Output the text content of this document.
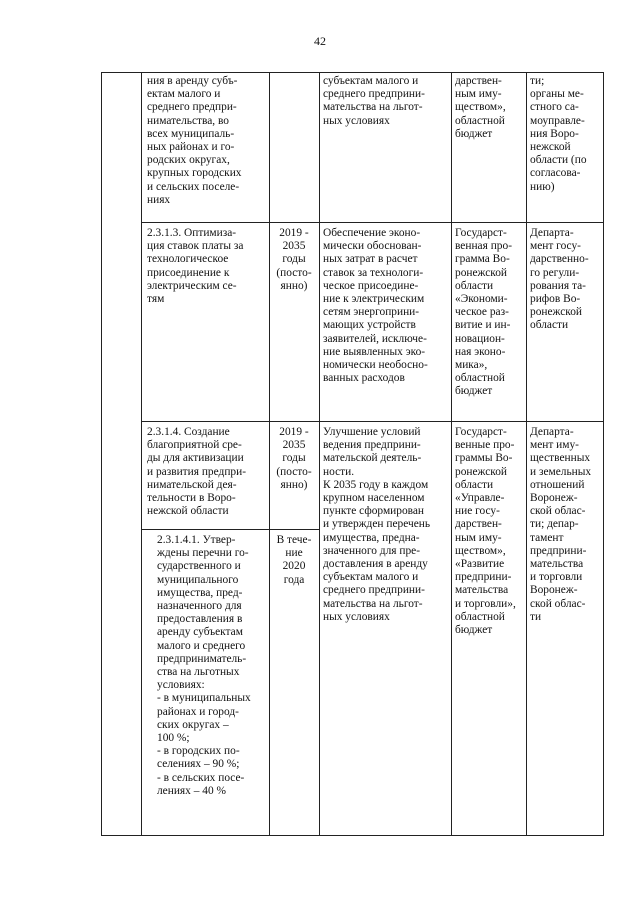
42
ния в аренду субъ-
ектам малого и
среднего предпри-
нимательства, во
всех муниципаль-
ных районах и го-
родских округах,
крупных городских
и сельских поселе-
ниях
субъектам малого и
среднего предприни-
мательства на льгот-
ных условиях
дарствен-
ным иму-
ществом»,
областной
бюджет
ти;
органы ме-
стного са-
моуправле-
ния Воро-
нежской
области (по
согласова-
нию)
2.3.1.3. Оптимиза-
ция ставок платы за
технологическое
присоединение к
электрическим се-
тям
2019 -
2035
годы
(посто-
янно)
Обеспечение эконо-
мически обоснован-
ных затрат в расчет
ставок за технологи-
ческое присоедине-
ние к электрическим
сетям энергоприни-
мающих устройств
заявителей, исключе-
ние выявленных эко-
номически необосно-
ванных расходов
Государст-
венная про-
грамма Во-
ронежской
области
«Экономи-
ческое раз-
витие и ин-
новацион-
ная эконо-
мика»,
областной
бюджет
Департа-
мент госу-
дарственно-
го регули-
рования та-
рифов Во-
ронежской
области
2.3.1.4. Создание
благоприятной сре-
ды для активизации
и развития предпри-
нимательской дея-
тельности в Воро-
нежской области
2019 -
2035
годы
(посто-
янно)
Улучшение условий
ведения предприни-
мательской деятель-
ности.
К 2035 году в каждом
крупном населенном
пункте сформирован
и утвержден перечень
имущества, предна-
значенного для пре-
доставления в аренду
субъектам малого и
среднего предприни-
мательства на льгот-
ных условиях
Государст-
венные про-
граммы Во-
ронежской
области
«Управле-
ние госу-
дарствен-
ным иму-
ществом»,
«Развитие
предприни-
мательства
и торговли»,
областной
бюджет
Департа-
мент иму-
щественных
и земельных
отношений
Воронеж-
ской облас-
ти; депар-
тамент
предприни-
мательства
и торговли
Воронеж-
ской облас-
ти
2.3.1.4.1. Утвер-
ждены перечни го-
сударственного и
муниципального
имущества, пред-
назначенного для
предоставления в
аренду субъектам
малого и среднего
предприниматель-
ства на льготных
условиях:
- в муниципальных
районах и город-
ских округах –
100 %;
- в городских по-
селениях – 90 %;
- в сельских посе-
лениях – 40 %
В тече-
ние
2020
года
